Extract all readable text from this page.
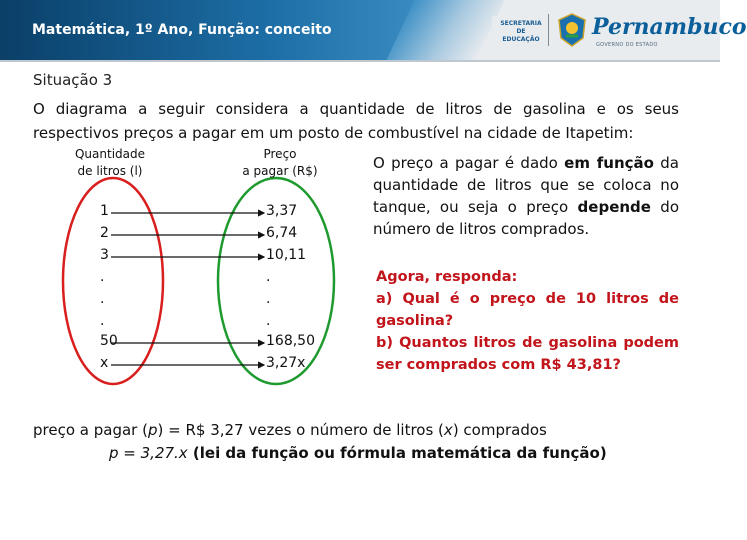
Matemática, 1º Ano, Função: conceito	SECRETARIA DE EDUCAÇÃO Pernambuco
GOVERNO DO ESTADO
Situação 3
O diagrama a seguir considera a quantidade de litros de gasolina e os seus respectivos preços a pagar em um posto de combustível na cidade de Itapetim:
Quantidade
de litros (l)
Preço
a pagar (R$)
1
2
3
.
.
.
50
x
3,37
6,74
10,11
.
.
.
168,50
3,27x
O preço a pagar é dado em função da quantidade de litros que se coloca no tanque, ou seja o preço depende do número de litros comprados.
Agora, responda:
a) Qual é o preço de 10 litros de gasolina?
b) Quantos litros de gasolina podem ser comprados com R$ 43,81?
preço a pagar (p) = R$ 3,27 vezes o número de litros (x) comprados
p = 3,27.x (lei da função ou fórmula matemática da função)
